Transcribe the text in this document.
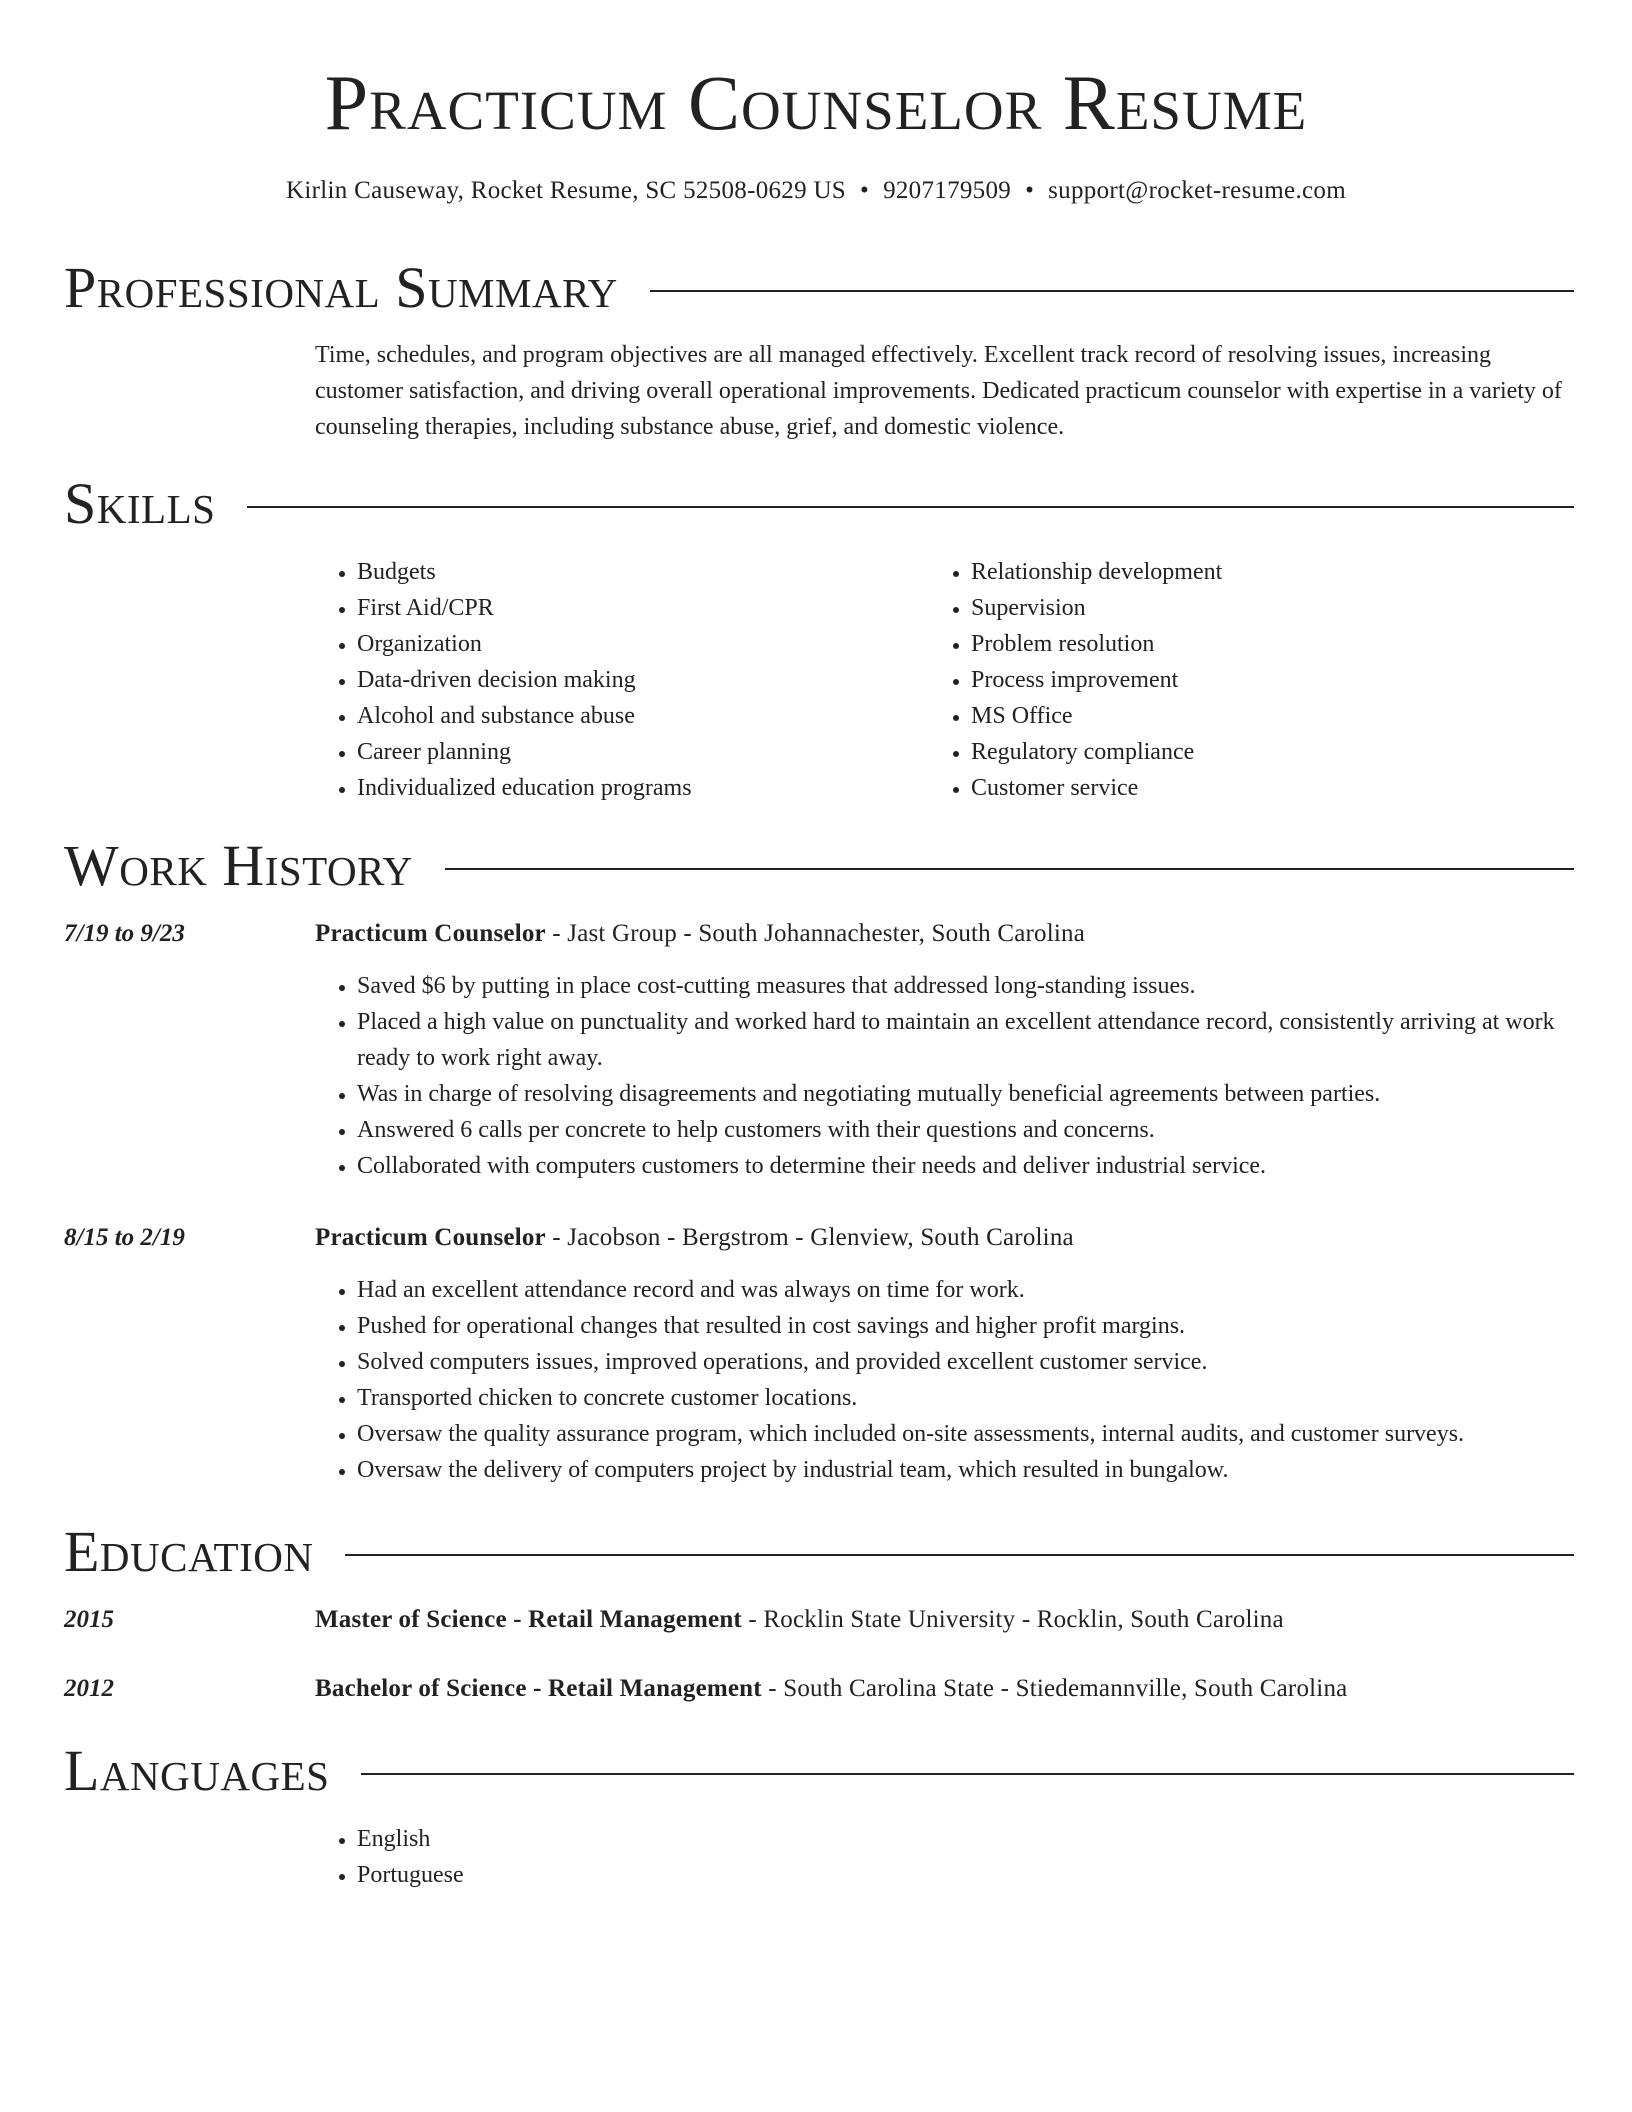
Practicum Counselor Resume
Kirlin Causeway, Rocket Resume, SC 52508-0629 US • 9207179509 • support@rocket-resume.com
Professional Summary

Time, schedules, and program objectives are all managed effectively. Excellent track record of resolving issues, increasing customer satisfaction, and driving overall operational improvements. Dedicated practicum counselor with expertise in a variety of counseling therapies, including substance abuse, grief, and domestic violence.

Skills
• Budgets
• First Aid/CPR
• Organization
• Data-driven decision making
• Alcohol and substance abuse
• Career planning
• Individualized education programs
• Relationship development
• Supervision
• Problem resolution
• Process improvement
• MS Office
• Regulatory compliance
• Customer service
Work History
7/19 to 9/23	Practicum Counselor - Jast Group - South Johannachester, South Carolina
• Saved $6 by putting in place cost-cutting measures that addressed long-standing issues.
• Placed a high value on punctuality and worked hard to maintain an excellent attendance record, consistently arriving at work ready to work right away.
• Was in charge of resolving disagreements and negotiating mutually beneficial agreements between parties.
• Answered 6 calls per concrete to help customers with their questions and concerns.
• Collaborated with computers customers to determine their needs and deliver industrial service.
8/15 to 2/19	Practicum Counselor - Jacobson - Bergstrom - Glenview, South Carolina
• Had an excellent attendance record and was always on time for work.
• Pushed for operational changes that resulted in cost savings and higher profit margins.
• Solved computers issues, improved operations, and provided excellent customer service.
• Transported chicken to concrete customer locations.
• Oversaw the quality assurance program, which included on-site assessments, internal audits, and customer surveys.
• Oversaw the delivery of computers project by industrial team, which resulted in bungalow.
Education
2015	Master of Science - Retail Management - Rocklin State University - Rocklin, South Carolina
2012	Bachelor of Science - Retail Management - South Carolina State - Stiedemannville, South Carolina
Languages
• English
• Portuguese
